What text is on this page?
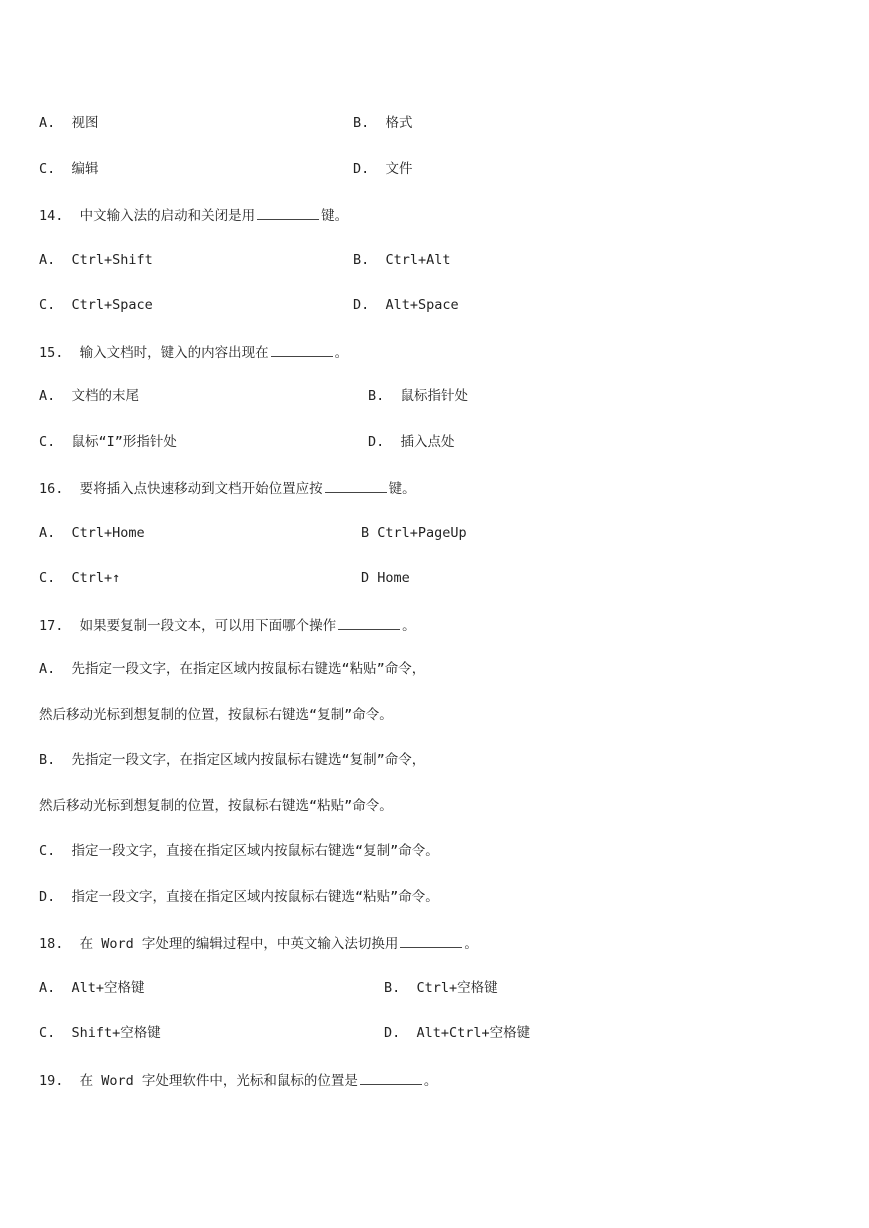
A.  视图	B.  格式
C.  编辑	D.  文件
14.  中文输入法的启动和关闭是用	键。
A.  Ctrl+Shift	B.  Ctrl+Alt
C.  Ctrl+Space	D.  Alt+Space
15.  输入文档时，键入的内容出现在	。
A.  文档的末尾	B.  鼠标指针处
C.  鼠标“I”形指针处	D.  插入点处
16.  要将插入点快速移动到文档开始位置应按	键。
A.  Ctrl+Home	B Ctrl+PageUp
C.  Ctrl+↑	D Home
17.  如果要复制一段文本，可以用下面哪个操作	。
A.  先指定一段文字，在指定区域内按鼠标右键选“粘贴”命令，
然后移动光标到想复制的位置，按鼠标右键选“复制”命令。
B.  先指定一段文字，在指定区域内按鼠标右键选“复制”命令，
然后移动光标到想复制的位置，按鼠标右键选“粘贴”命令。
C.  指定一段文字，直接在指定区域内按鼠标右键选“复制”命令。
D.  指定一段文字，直接在指定区域内按鼠标右键选“粘贴”命令。
18.  在 Word 字处理的编辑过程中，中英文输入法切换用	。
A.  Alt+空格键	B.  Ctrl+空格键
C.  Shift+空格键	D.  Alt+Ctrl+空格键
19.  在 Word 字处理软件中，光标和鼠标的位置是	。
